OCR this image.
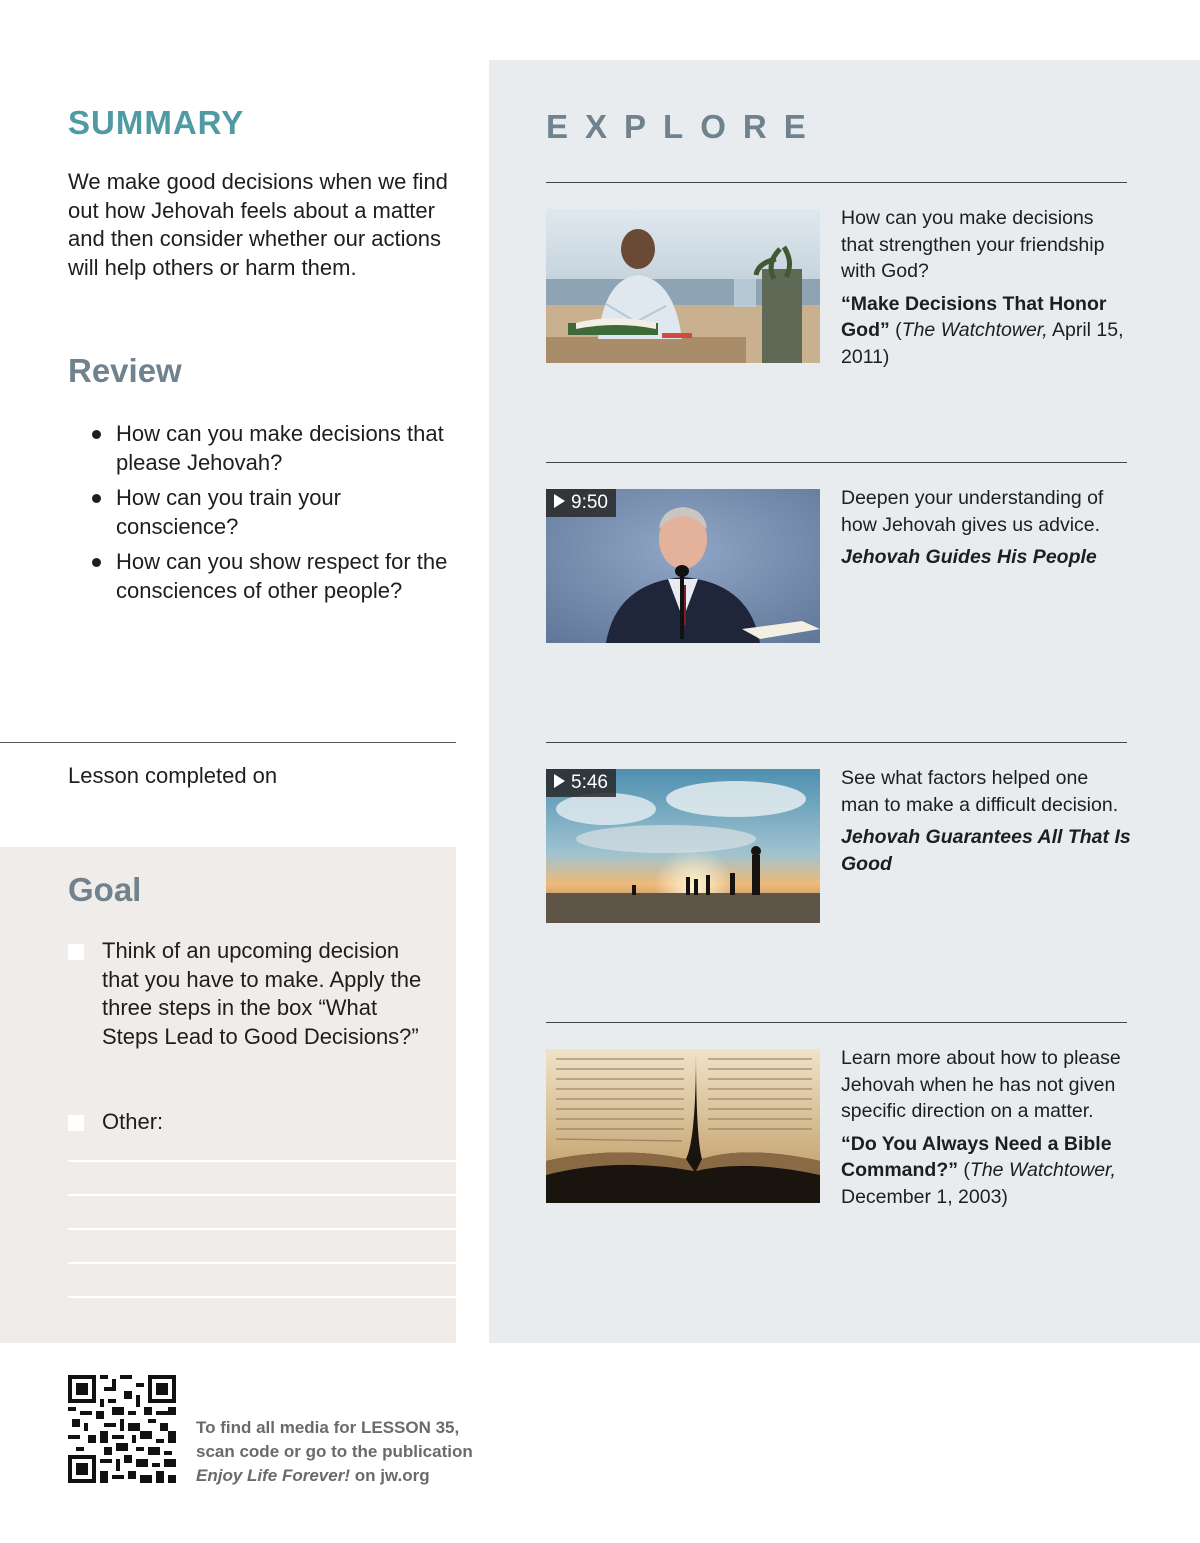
SUMMARY

We make good decisions when we find out how Jehovah feels about a matter and then consider whether our actions will help others or harm them.

Review
How can you make decisions that please Jehovah?
How can you train your conscience?
How can you show respect for the consciences of other people?
Lesson completed on
Goal
Think of an upcoming decision that you have to make. Apply the three steps in the box “What Steps Lead to Good Decisions?”
Other:
EXPLORE
How can you make decisions that strengthen your friendship with God?
“Make Decisions That Honor God” (The Watchtower, April 15, 2011)
9:50	Deepen your understanding of how Jehovah gives us advice.
Jehovah Guides His People
5:46	See what factors helped one man to make a difficult decision.
Jehovah Guarantees All That Is Good
Learn more about how to please Jehovah when he has not given specific direction on a matter.
“Do You Always Need a Bible Command?” (The Watchtower, December 1, 2003)
To find all media for LESSON 35,
scan code or go to the publication
Enjoy Life Forever! on jw.org
